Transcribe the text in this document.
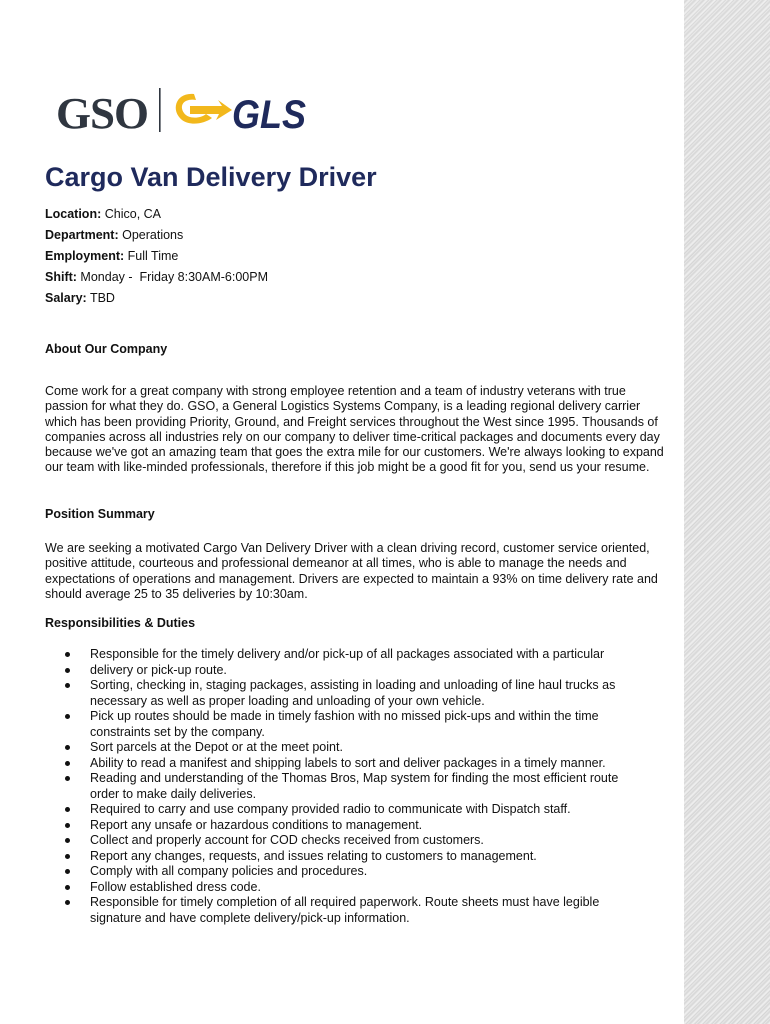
GSO GLS
Cargo Van Delivery Driver
Location: Chico, CA
Department: Operations
Employment: Full Time
Shift: Monday -  Friday 8:30AM-6:00PM
Salary: TBD
About Our Company

Come work for a great company with strong employee retention and a team of industry veterans with true passion for what they do. GSO, a General Logistics Systems Company, is a leading regional delivery carrier which has been providing Priority, Ground, and Freight services throughout the West since 1995. Thousands of companies across all industries rely on our company to deliver time-critical packages and documents every day because we've got an amazing team that goes the extra mile for our customers. We're always looking to expand our team with like-minded professionals, therefore if this job might be a good fit for you, send us your resume.

Position Summary

We are seeking a motivated Cargo Van Delivery Driver with a clean driving record, customer service oriented, positive attitude, courteous and professional demeanor at all times, who is able to manage the needs and expectations of operations and management. Drivers are expected to maintain a 93% on time delivery rate and should average 25 to 35 deliveries by 10:30am.

Responsibilities & Duties
Responsible for the timely delivery and/or pick-up of all packages associated with a particular
delivery or pick-up route.
Sorting, checking in, staging packages, assisting in loading and unloading of line haul trucks as necessary as well as proper loading and unloading of your own vehicle.
Pick up routes should be made in timely fashion with no missed pick-ups and within the time constraints set by the company.
Sort parcels at the Depot or at the meet point.
Ability to read a manifest and shipping labels to sort and deliver packages in a timely manner.
Reading and understanding of the Thomas Bros, Map system for finding the most efficient route order to make daily deliveries.
Required to carry and use company provided radio to communicate with Dispatch staff.
Report any unsafe or hazardous conditions to management.
Collect and properly account for COD checks received from customers.
Report any changes, requests, and issues relating to customers to management.
Comply with all company policies and procedures.
Follow established dress code.
Responsible for timely completion of all required paperwork. Route sheets must have legible signature and have complete delivery/pick-up information.
